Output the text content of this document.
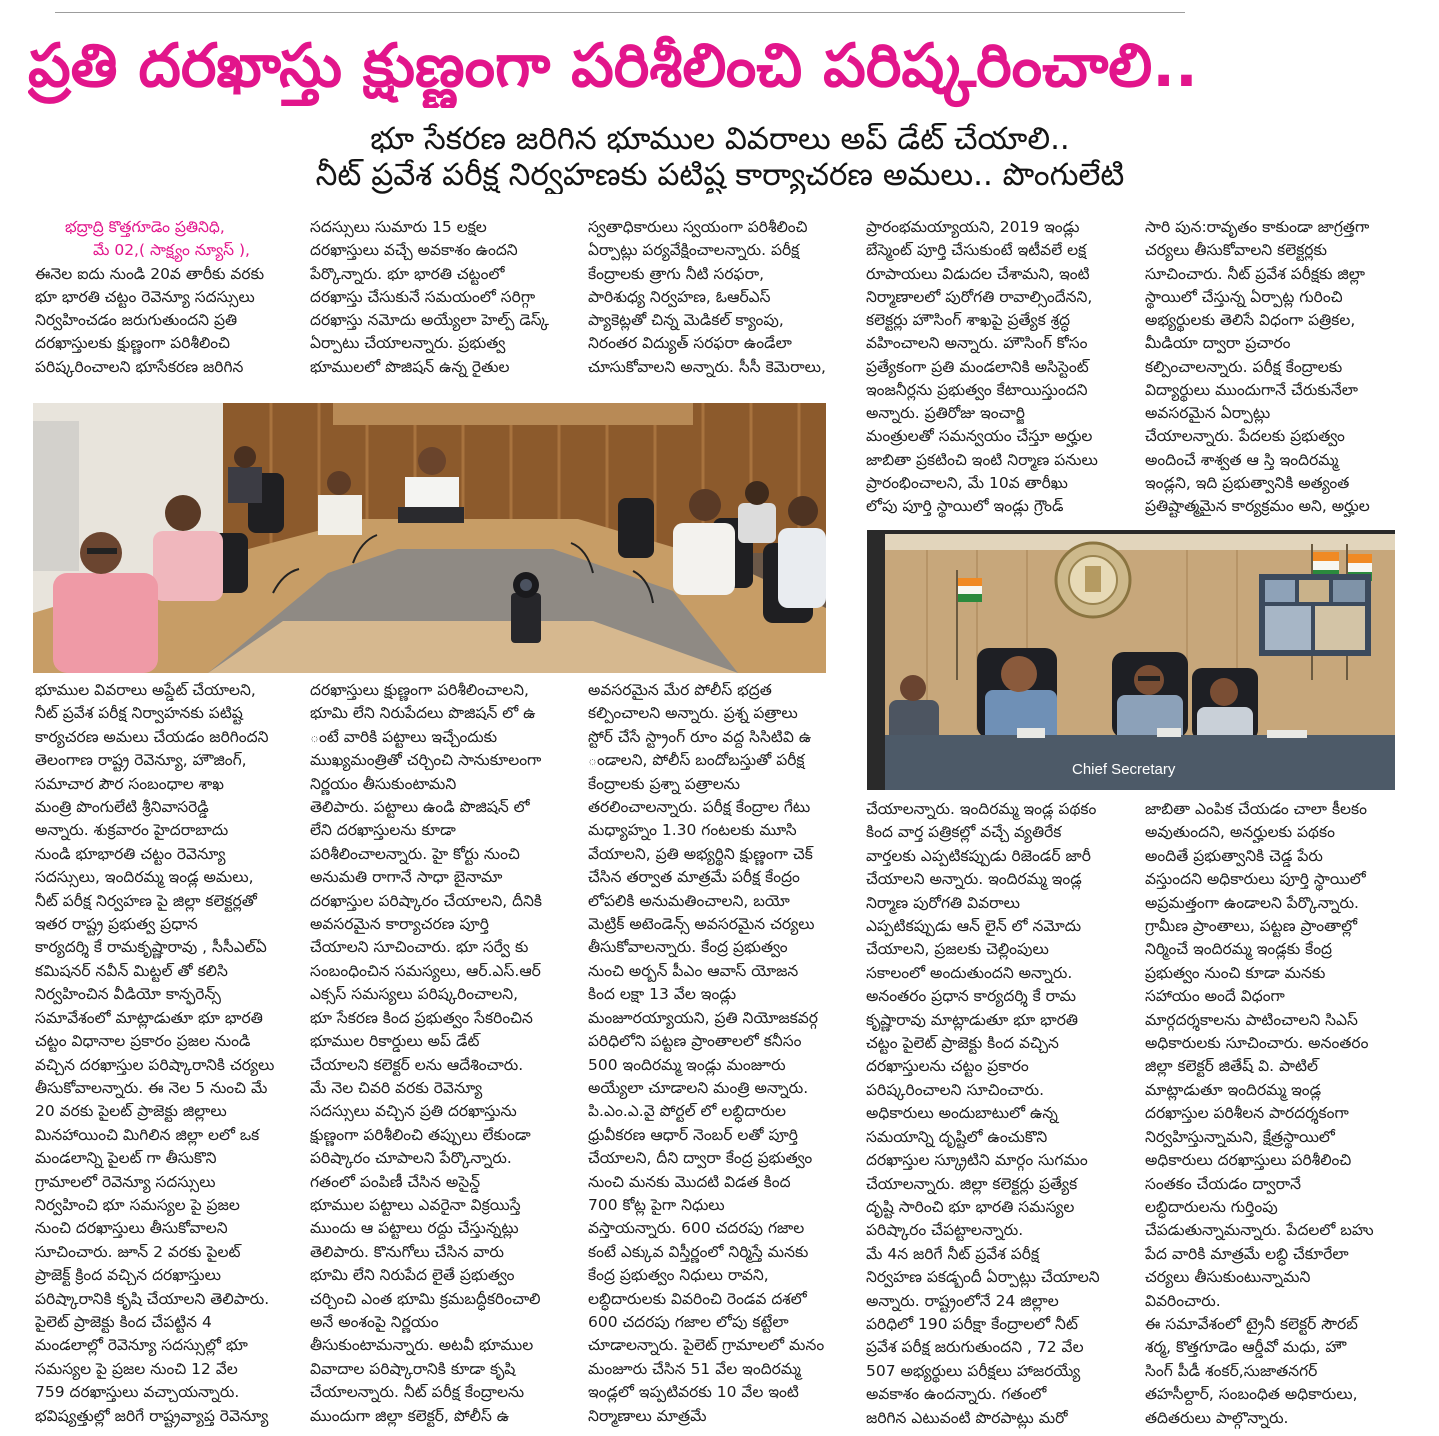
ప్రతి దరఖాస్తు క్షుణ్ణంగా పరిశీలించి పరిష్కరించాలి..
భూ సేకరణ జరిగిన భూముల వివరాలు అప్ డేట్ చేయాలి..
నీట్ ప్రవేశ పరీక్ష నిర్వహణకు పటిష్ట కార్యాచరణ అమలు.. పొంగులేటి
భద్రాద్రి కొత్తగూడెం ప్రతినిధి,
మే 02,( సాక్ష్యం న్యూస్ ),
ఈనెల ఐదు నుండి 20వ తారీకు వరకు
భూ భారతి చట్టం రెవెన్యూ సదస్సులు
నిర్వహించడం జరుగుతుందని ప్రతి
దరఖాస్తులకు క్షుణ్ణంగా పరిశీలించి
పరిష్కరించాలని భూసేకరణ జరిగిన
సదస్సులు సుమారు 15 లక్షల
దరఖాస్తులు వచ్చే అవకాశం ఉందని
పేర్కొన్నారు. భూ భారతి చట్టంలో
దరఖాస్తు చేసుకునే సమయంలో సరిగ్గా
దరఖాస్తు నమోదు అయ్యేలా హెల్ప్ డెస్క్
ఏర్పాటు చేయాలన్నారు. ప్రభుత్వ
భూములలో పొజిషన్ ఉన్న రైతుల
స్వతాధికారులు స్వయంగా పరిశీలించి
ఏర్పాట్లు పర్యవేక్షించాలన్నారు. పరీక్ష
కేంద్రాలకు త్రాగు నీటి సరఫరా,
పారిశుధ్య నిర్వహణ, ఓఆర్ఎస్
ప్యాకెట్లతో చిన్న మెడికల్ క్యాంపు,
నిరంతర విద్యుత్ సరఫరా ఉండేలా
చూసుకోవాలని అన్నారు. సీసీ కెమెరాలు,
ప్రారంభమయ్యాయని, 2019 ఇండ్లు
బేస్మెంట్ పూర్తి చేసుకుంటే ఇటీవలే లక్ష
రూపాయలు విడుదల చేశామని, ఇంటి
నిర్మాణాలలో పురోగతి రావాల్సిందేనని,
కలెక్టర్లు హౌసింగ్ శాఖపై ప్రత్యేక శ్రద్ధ
వహించాలని అన్నారు. హౌసింగ్ కోసం
ప్రత్యేకంగా ప్రతి మండలానికి అసిస్టెంట్
ఇంజనీర్లను ప్రభుత్వం కేటాయిస్తుందని
అన్నారు. ప్రతిరోజు ఇంచార్జి
మంత్రులతో సమన్వయం చేస్తూ అర్హుల
జాబితా ప్రకటించి ఇంటి నిర్మాణ పనులు
ప్రారంభించాలని, మే 10వ తారీఖు
లోపు పూర్తి స్థాయిలో ఇండ్లు గ్రౌండ్
సారి పున:రావృతం కాకుండా జాగ్రత్తగా
చర్యలు తీసుకోవాలని కలెక్టర్లకు
సూచించారు. నీట్ ప్రవేశ పరీక్షకు జిల్లా
స్థాయిలో చేస్తున్న ఏర్పాట్ల గురించి
అభ్యర్థులకు తెలిసే విధంగా పత్రికల,
మీడియా ద్వారా ప్రచారం
కల్పించాలన్నారు. పరీక్ష కేంద్రాలకు
విద్యార్థులు ముందుగానే చేరుకునేలా
అవసరమైన ఏర్పాట్లు
చేయాలన్నారు. పేదలకు ప్రభుత్వం
అందించే శాశ్వత ఆ స్తి ఇందిరమ్మ
ఇండ్లని, ఇది ప్రభుత్వానికి అత్యంత
ప్రతిష్టాత్మమైన కార్యక్రమం అని, అర్హుల
భూముల వివరాలు అప్డేట్ చేయాలని,
నీట్ ప్రవేశ పరీక్ష నిర్వాహనకు పటిష్ట
కార్యచరణ అమలు చేయడం జరిగిందని
తెలంగాణ రాష్ట్ర రెవెన్యూ, హౌజింగ్,
సమాచార పౌర సంబంధాల శాఖ
మంత్రి పొంగులేటి శ్రీనివాసరెడ్డి
అన్నారు. శుక్రవారం హైదరాబాదు
నుండి భూభారతి చట్టం రెవెన్యూ
సదస్సులు, ఇందిరమ్మ ఇండ్ల అమలు,
నీట్ పరీక్ష నిర్వహణ పై జిల్లా కలెక్టర్లతో
ఇతర రాష్ట్ర ప్రభుత్వ ప్రధాన
కార్యదర్శి కే రామకృష్ణారావు , సీసీఎల్ఏ
కమిషనర్ నవీన్ మిట్టల్ తో కలిసి
నిర్వహించిన వీడియో కాన్ఫరెన్స్
సమావేశంలో మాట్లాడుతూ భూ భారతి
చట్టం విధానాల ప్రకారం ప్రజల నుండి
వచ్చిన దరఖాస్తుల పరిష్కారానికి చర్యలు
తీసుకోవాలన్నారు. ఈ నెల 5 నుంచి మే
20 వరకు పైలట్ ప్రాజెక్టు జిల్లాలు
మినహాయించి మిగిలిన జిల్లా లలో ఒక
మండలాన్ని పైలట్ గా తీసుకొని
గ్రామాలలో రెవెన్యూ సదస్సులు
నిర్వహించి భూ సమస్యల పై ప్రజల
నుంచి దరఖాస్తులు తీసుకోవాలని
సూచించారు. జూన్ 2 వరకు పైలట్
ప్రాజెక్ట్ క్రింద వచ్చిన దరఖాస్తులు
పరిష్కారానికి కృషి చేయాలని తెలిపారు.
పైలెట్ ప్రాజెక్టు కింద చేపట్టిన 4
మండలాల్లో రెవెన్యూ సదస్సుల్లో భూ
సమస్యల పై ప్రజల నుంచి 12 వేల
759 దరఖాస్తులు వచ్చాయన్నారు.
భవిష్యత్తుల్లో జరిగే రాష్ట్రవ్యాప్త రెవెన్యూ
దరఖాస్తులు క్షుణ్ణంగా పరిశీలించాలని,
భూమి లేని నిరుపేదలు పొజిషన్ లో ఉ
ంటే వారికి పట్టాలు ఇచ్చేందుకు
ముఖ్యమంత్రితో చర్చించి సానుకూలంగా
నిర్ణయం తీసుకుంటామని
తెలిపారు. పట్టాలు ఉండి పొజిషన్ లో
లేని దరఖాస్తులను కూడా
పరిశీలించాలన్నారు. హై కోర్టు నుంచి
అనుమతి రాగానే సాధా బైనామా
దరఖాస్తుల పరిష్కారం చేయాలని, దీనికి
అవసరమైన కార్యాచరణ పూర్తి
చేయాలని సూచించారు. భూ సర్వే కు
సంబంధించిన సమస్యలు, ఆర్.ఎస్.ఆర్
ఎక్సస్ సమస్యలు పరిష్కరించాలని,
భూ సేకరణ కింద ప్రభుత్వం సేకరించిన
భూముల రికార్డులు అప్ డేట్
చేయాలని కలెక్టర్ లను ఆదేశించారు.
మే నెల చివరి వరకు రెవెన్యూ
సదస్సులు వచ్చిన ప్రతి దరఖాస్తును
క్షుణ్ణంగా పరిశీలించి తప్పులు లేకుండా
పరిష్కారం చూపాలని పేర్కొన్నారు.
గతంలో పంపిణీ చేసిన అసైన్డ్
భూముల పట్టాలు ఎవరైనా విక్రయిస్తే
ముందు ఆ పట్టాలు రద్దు చేస్తున్నట్లు
తెలిపారు. కొనుగోలు చేసిన వారు
భూమి లేని నిరుపేద లైతే ప్రభుత్వం
చర్చించి ఎంత భూమి క్రమబద్ధీకరించాలి
అనే అంశంపై నిర్ణయం
తీసుకుంటామన్నారు. అటవీ భూముల
వివాదాల పరిష్కారానికి కూడా కృషి
చేయాలన్నారు. నీట్ పరీక్ష కేంద్రాలను
ముందుగా జిల్లా కలెక్టర్, పోలీస్ ఉ
అవసరమైన మేర పోలీస్ భద్రత
కల్పించాలని అన్నారు. ప్రశ్న పత్రాలు
స్టోర్ చేసే స్ట్రాంగ్ రూం వద్ద సిసిటివి ఉ
ండాలని, పోలీస్ బందోబస్తుతో పరీక్ష
కేంద్రాలకు ప్రశ్నా పత్రాలను
తరలించాలన్నారు. పరీక్ష కేంద్రాల గేటు
మధ్యాహ్నం 1.30 గంటలకు మూసి
వేయాలని, ప్రతి అభ్యర్థిని క్షుణ్ణంగా చెక్
చేసిన తర్వాత మాత్రమే పరీక్ష కేంద్రం
లోపలికి అనుమతించాలని, బయో
మెట్రిక్ అటెండెన్స్ అవసరమైన చర్యలు
తీసుకోవాలన్నారు. కేంద్ర ప్రభుత్వం
నుంచి అర్బన్ పీఎం ఆవాస్ యోజన
కింద లక్షా 13 వేల ఇండ్లు
మంజూరయ్యాయని, ప్రతి నియోజకవర్గ
పరిధిలోని పట్టణ ప్రాంతాలలో కనీసం
500 ఇందిరమ్మ ఇండ్లు మంజూరు
అయ్యేలా చూడాలని మంత్రి అన్నారు.
పి.ఎం.ఎ.వై పోర్టల్ లో లబ్ధిదారుల
ధ్రువీకరణ ఆధార్ నెంబర్ లతో పూర్తి
చేయాలని, దీని ద్వారా కేంద్ర ప్రభుత్వం
నుంచి మనకు మొదటి విడత కింద
700 కోట్ల పైగా నిధులు
వస్తాయన్నారు. 600 చదరపు గజాల
కంటే ఎక్కువ విస్తీర్ణంలో నిర్మిస్తే మనకు
కేంద్ర ప్రభుత్వం నిధులు రావని,
లబ్ధిదారులకు వివరించి రెండవ దశలో
600 చదరపు గజాల లోపు కట్టేలా
చూడాలన్నారు. పైలెట్ గ్రామాలలో మనం
మంజూరు చేసిన 51 వేల ఇందిరమ్మ
ఇండ్లలో ఇప్పటివరకు 10 వేల ఇంటి
నిర్మాణాలు మాత్రమే
చేయాలన్నారు. ఇందిరమ్మ ఇండ్ల పథకం
కింద వార్త పత్రికల్లో వచ్చే వ్యతిరేక
వార్తలకు ఎప్పటికప్పుడు రిజెండర్ జారీ
చేయాలని అన్నారు. ఇందిరమ్మ ఇండ్ల
నిర్మాణ పురోగతి వివరాలు
ఎప్పటికప్పుడు ఆన్ లైన్ లో నమోదు
చేయాలని, ప్రజలకు చెల్లింపులు
సకాలంలో అందుతుందని అన్నారు.
అనంతరం ప్రధాన కార్యదర్శి కే రామ
కృష్ణారావు మాట్లాడుతూ భూ భారతి
చట్టం పైలెట్ ప్రాజెక్టు కింద వచ్చిన
దరఖాస్తులను చట్టం ప్రకారం
పరిష్కరించాలని సూచించారు.
అధికారులు అందుబాటులో ఉన్న
సమయాన్ని దృష్టిలో ఉంచుకొని
దరఖాస్తుల స్క్రూటిని మార్గం సుగమం
చేయాలన్నారు. జిల్లా కలెక్టర్లు ప్రత్యేక
దృష్టి సారించి భూ భారతి సమస్యల
పరిష్కారం చేపట్టాలన్నారు.
మే 4న జరిగే నీట్ ప్రవేశ పరీక్ష
నిర్వహణ పకడ్బందీ ఏర్పాట్లు చేయాలని
అన్నారు. రాష్ట్రంలోనే 24 జిల్లాల
పరిధిలో 190 పరీక్షా కేంద్రాలలో నీట్
ప్రవేశ పరీక్ష జరుగుతుందని , 72 వేల
507 అభ్యర్థులు పరీక్షలు హాజరయ్యే
అవకాశం ఉందన్నారు. గతంలో
జరిగిన ఎటువంటి పొరపాట్లు మరో
జాబితా ఎంపిక చేయడం చాలా కీలకం
అవుతుందని, అనర్హులకు పథకం
అందితే ప్రభుత్వానికి చెడ్డ పేరు
వస్తుందని అధికారులు పూర్తి స్థాయిలో
అప్రమత్తంగా ఉండాలని పేర్కొన్నారు.
గ్రామీణ ప్రాంతాలు, పట్టణ ప్రాంతాల్లో
నిర్మించే ఇందిరమ్మ ఇండ్లకు కేంద్ర
ప్రభుత్వం నుంచి కూడా మనకు
సహాయం అందే విధంగా
మార్గదర్శకాలను పాటించాలని సిఎస్
అధికారులకు సూచించారు. అనంతరం
జిల్లా కలెక్టర్ జితేష్ వి. పాటిల్
మాట్లాడుతూ ఇందిరమ్మ ఇండ్ల
దరఖాస్తుల పరిశీలన పారదర్శకంగా
నిర్వహిస్తున్నామని, క్షేత్రస్థాయిలో
అధికారులు దరఖాస్తులు పరిశీలించి
సంతకం చేయడం ద్వారానే
లబ్ధిదారులను గుర్తింపు
చేపడుతున్నామన్నారు. పేదలలో బహు
పేద వారికి మాత్రమే లబ్ధి చేకూరేలా
చర్యలు తీసుకుంటున్నామని
వివరించారు.
ఈ సమావేశంలో ట్రైనీ కలెక్టర్ సౌరబ్
శర్మ, కొత్తగూడెం ఆర్డీవో మధు, హౌ
సింగ్ పీడీ శంకర్,సుజాతనగర్
తహసీల్దార్, సంబంధిత అధికారులు,
తదితరులు పాల్గొన్నారు.
Chief Secretary
